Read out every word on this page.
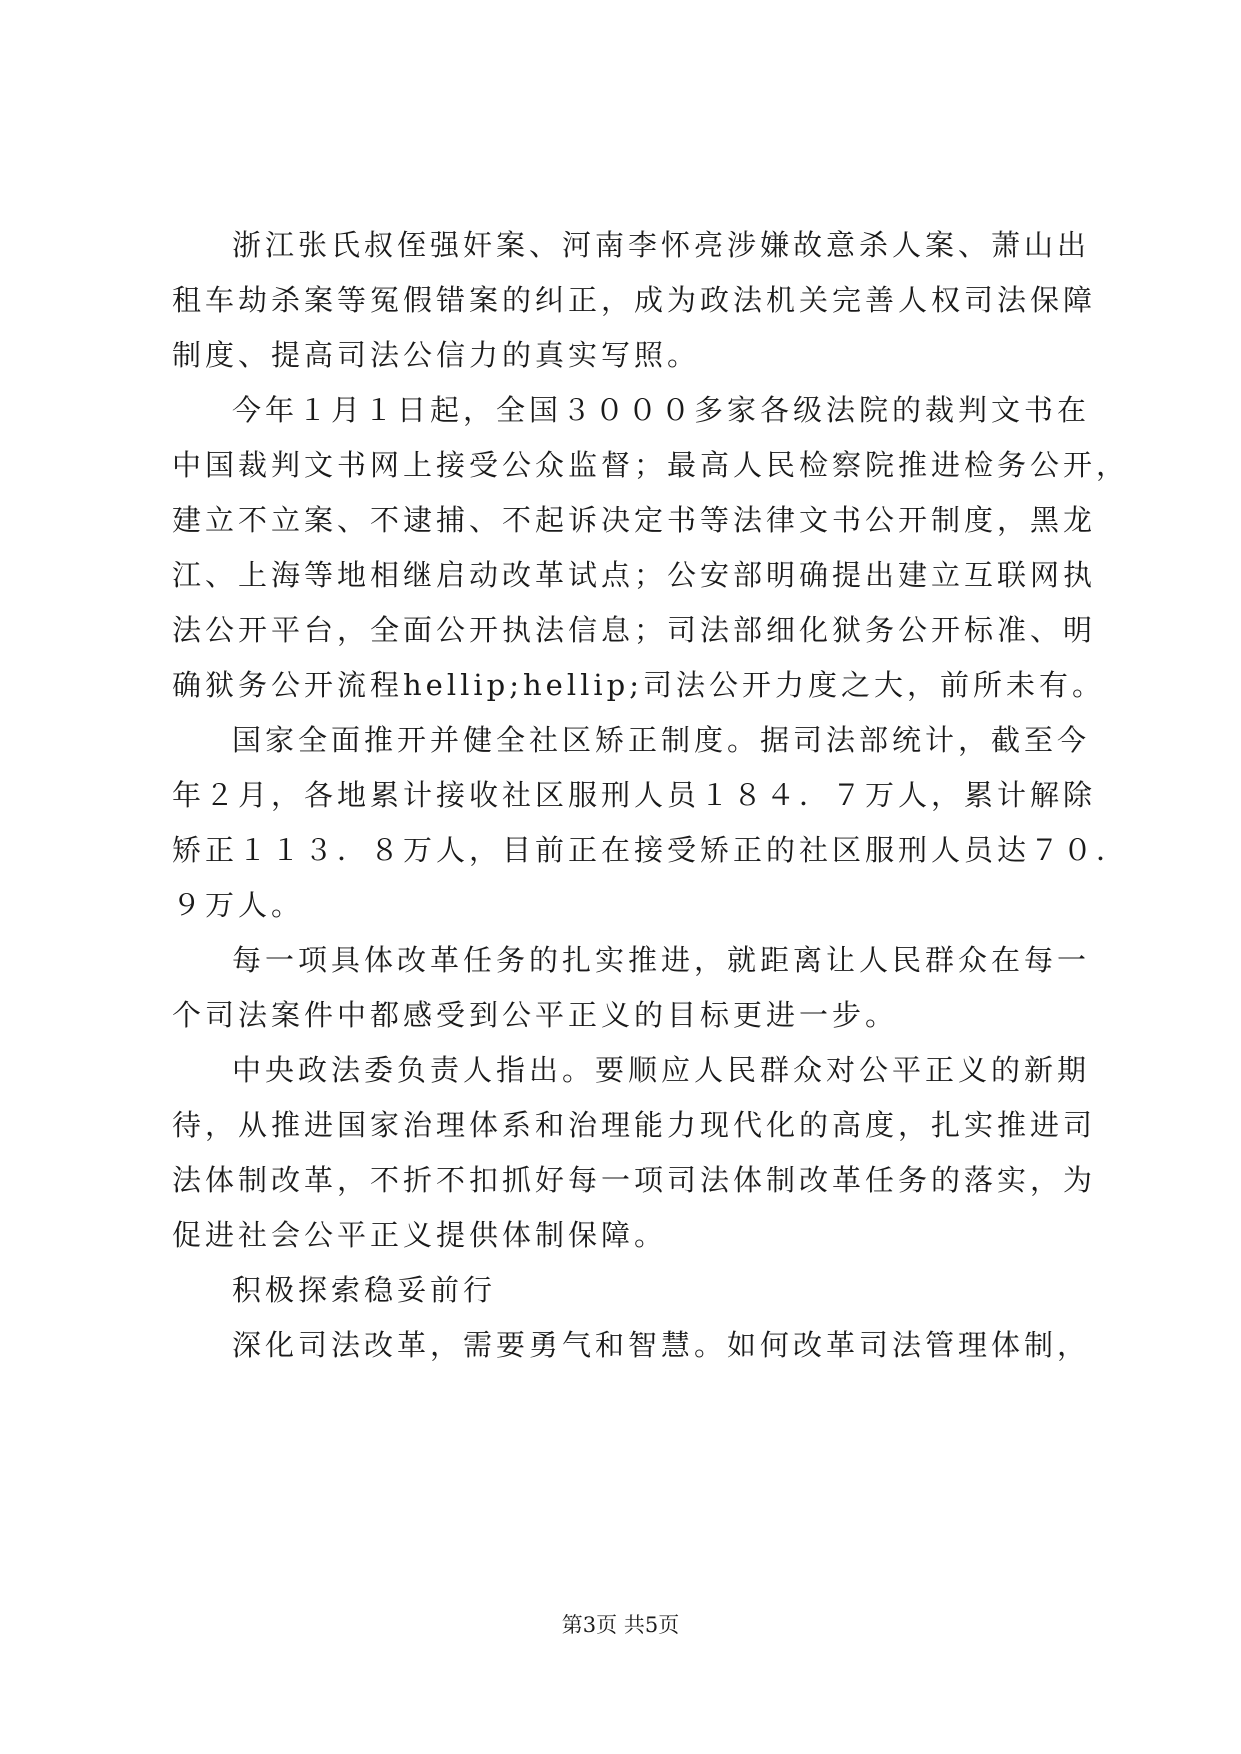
浙江张氏叔侄强奸案、河南李怀亮涉嫌故意杀人案、萧山出
租车劫杀案等冤假错案的纠正，成为政法机关完善人权司法保障
制度、提高司法公信力的真实写照。
今年１月１日起，全国３０００多家各级法院的裁判文书在
中国裁判文书网上接受公众监督；最高人民检察院推进检务公开，
建立不立案、不逮捕、不起诉决定书等法律文书公开制度，黑龙
江、上海等地相继启动改革试点；公安部明确提出建立互联网执
法公开平台，全面公开执法信息；司法部细化狱务公开标准、明
确狱务公开流程hellip;hellip;司法公开力度之大，前所未有。
国家全面推开并健全社区矫正制度。据司法部统计，截至今
年２月，各地累计接收社区服刑人员１８４．７万人，累计解除
矫正１１３．８万人，目前正在接受矫正的社区服刑人员达７０．
９万人。
每一项具体改革任务的扎实推进，就距离让人民群众在每一
个司法案件中都感受到公平正义的目标更进一步。
中央政法委负责人指出。要顺应人民群众对公平正义的新期
待，从推进国家治理体系和治理能力现代化的高度，扎实推进司
法体制改革，不折不扣抓好每一项司法体制改革任务的落实，为
促进社会公平正义提供体制保障。
积极探索稳妥前行
深化司法改革，需要勇气和智慧。如何改革司法管理体制，
第3页 共5页
